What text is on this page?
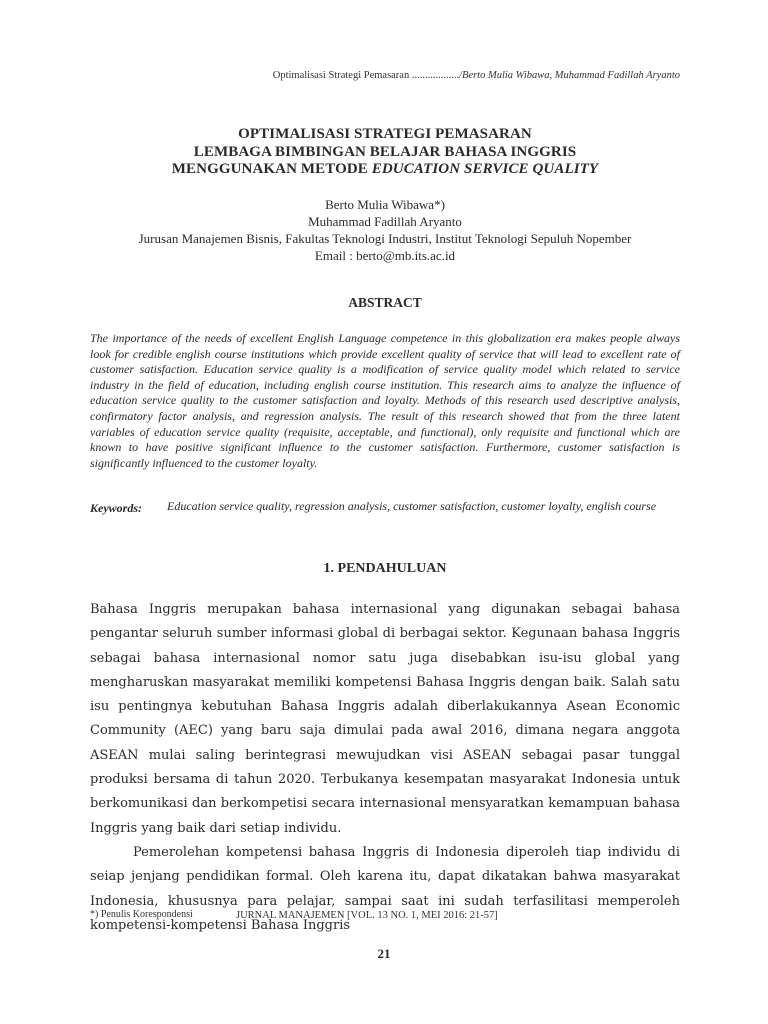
Optimalisasi Strategi Pemasaran ................../Berto Mulia Wibawa, Muhammad Fadillah Aryanto
OPTIMALISASI STRATEGI PEMASARAN
LEMBAGA BIMBINGAN BELAJAR BAHASA INGGRIS
MENGGUNAKAN METODE EDUCATION SERVICE QUALITY
Berto Mulia Wibawa*)
Muhammad Fadillah Aryanto
Jurusan Manajemen Bisnis, Fakultas Teknologi Industri, Institut Teknologi Sepuluh Nopember
Email : berto@mb.its.ac.id
ABSTRACT
The importance of the needs of excellent English Language competence in this globalization era makes people always look for credible english course institutions which provide excellent quality of service that will lead to excellent rate of customer satisfaction. Education service quality is a modification of service quality model which related to service industry in the field of education, including english course institution. This research aims to analyze the influence of education service quality to the customer satisfaction and loyalty. Methods of this research used descriptive analysis, confirmatory factor analysis, and regression analysis. The result of this research showed that from the three latent variables of education service quality (requisite, acceptable, and functional), only requisite and functional which are known to have positive significant influence to the customer satisfaction. Furthermore, customer satisfaction is significantly influenced to the customer loyalty.
Keywords: Education service quality, regression analysis, customer satisfaction, customer loyalty, english course
1. PENDAHULUAN

Bahasa Inggris merupakan bahasa internasional yang digunakan sebagai bahasa pengantar seluruh sumber informasi global di berbagai sektor. Kegunaan bahasa Inggris sebagai bahasa internasional nomor satu juga disebabkan isu-isu global yang mengharuskan masyarakat memiliki kompetensi Bahasa Inggris dengan baik. Salah satu isu pentingnya kebutuhan Bahasa Inggris adalah diberlakukannya Asean Economic Community (AEC) yang baru saja dimulai pada awal 2016, dimana negara anggota ASEAN mulai saling berintegrasi mewujudkan visi ASEAN sebagai pasar tunggal produksi bersama di tahun 2020. Terbukanya kesempatan masyarakat Indonesia untuk berkomunikasi dan berkompetisi secara internasional mensyaratkan kemampuan bahasa Inggris yang baik dari setiap individu.

Pemerolehan kompetensi bahasa Inggris di Indonesia diperoleh tiap individu di seiap jenjang pendidikan formal. Oleh karena itu, dapat dikatakan bahwa masyarakat Indonesia, khususnya para pelajar, sampai saat ini sudah terfasilitasi memperoleh kompetensi-kompetensi Bahasa Inggris

*) Penulis Korespondensi	JURNAL MANAJEMEN [VOL. 13 NO. 1, MEI 2016: 21-57]
21
